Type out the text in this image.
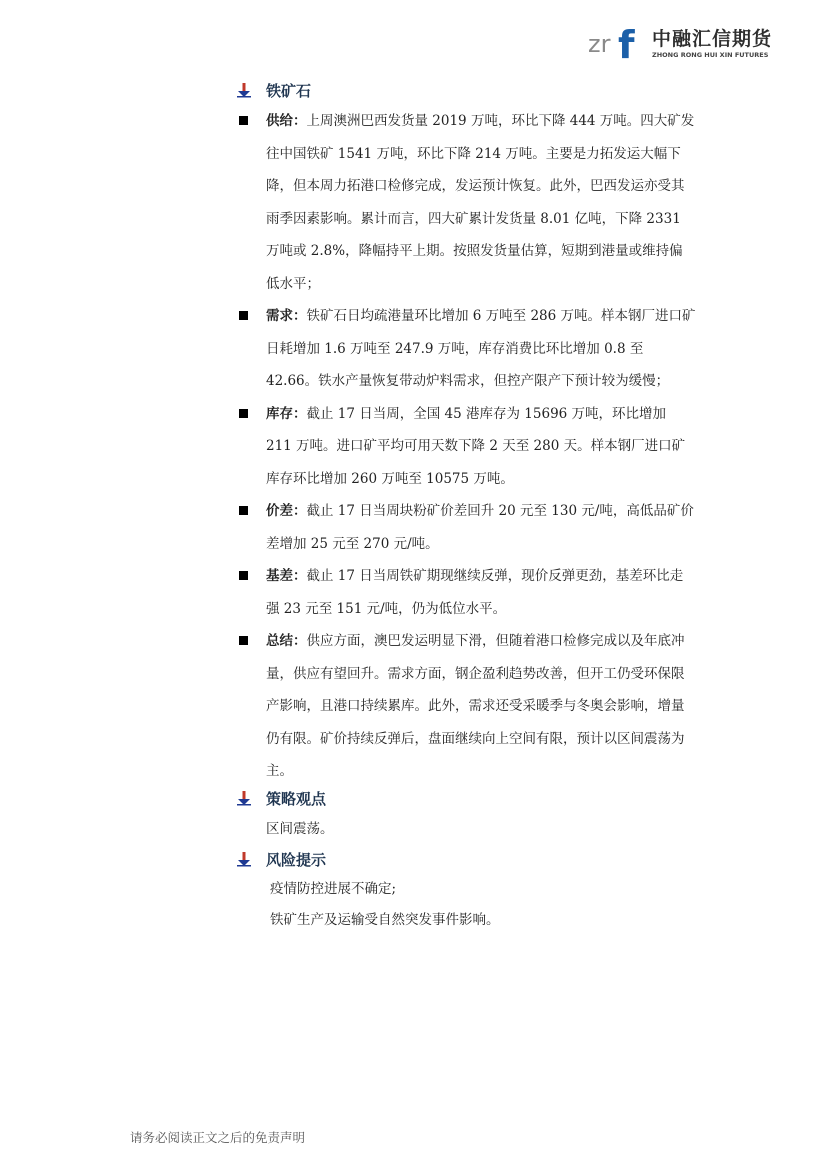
zr f 中融汇信期货
ZHONG RONG HUI XIN FUTURES
铁矿石
供给：上周澳洲巴西发货量 2019 万吨，环比下降 444 万吨。四大矿发往中国铁矿 1541 万吨，环比下降 214 万吨。主要是力拓发运大幅下降，但本周力拓港口检修完成，发运预计恢复。此外，巴西发运亦受其雨季因素影响。累计而言，四大矿累计发货量 8.01 亿吨，下降 2331 万吨或 2.8%，降幅持平上期。按照发货量估算，短期到港量或维持偏低水平；
需求：铁矿石日均疏港量环比增加 6 万吨至 286 万吨。样本钢厂进口矿日耗增加 1.6 万吨至 247.9 万吨，库存消费比环比增加 0.8 至 42.66。铁水产量恢复带动炉料需求，但控产限产下预计较为缓慢；
库存：截止 17 日当周，全国 45 港库存为 15696 万吨，环比增加 211 万吨。进口矿平均可用天数下降 2 天至 280 天。样本钢厂进口矿库存环比增加 260 万吨至 10575 万吨。
价差：截止 17 日当周块粉矿价差回升 20 元至 130 元/吨，高低品矿价差增加 25 元至 270 元/吨。
基差：截止 17 日当周铁矿期现继续反弹，现价反弹更劲，基差环比走强 23 元至 151 元/吨，仍为低位水平。
总结：供应方面，澳巴发运明显下滑，但随着港口检修完成以及年底冲量，供应有望回升。需求方面，钢企盈利趋势改善，但开工仍受环保限产影响，且港口持续累库。此外，需求还受采暖季与冬奥会影响，增量仍有限。矿价持续反弹后，盘面继续向上空间有限，预计以区间震荡为主。
策略观点
区间震荡。
风险提示
疫情防控进展不确定;
铁矿生产及运输受自然突发事件影响。
请务必阅读正文之后的免责声明
